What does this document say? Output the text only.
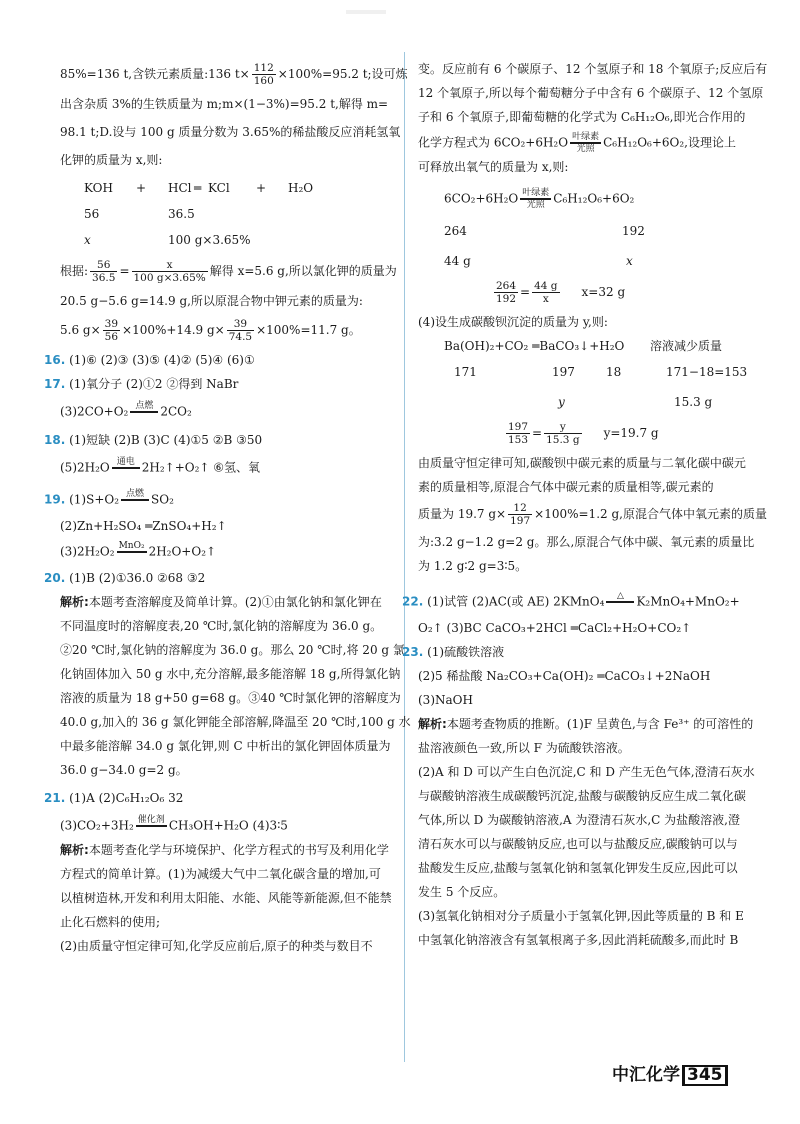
85%=136 t,含铁元素质量:136 $t\times \frac{112}{160} \times 100\%=95.2$ t;设可炼
出含杂质 3%的生铁质量为 m;m×(1−3%)=95.2 t,解得 m=
98.1 t;D.设与 100 g 质量分数为 3.65%的稀盐酸反应消耗氢氧
化钾的质量为 x,则:
KOH + HCl ═ KCl + H₂O
56	36.5
x	100 g×3.65%
根据: $\frac{56}{36.5} = \frac{x}{100 g\times 3.65\%}$ 解得 x=5.6 g,所以氯化钾的质量为
20.5 g−5.6 g=14.9 g,所以原混合物中钾元素的质量为:
5.6 $g\times \frac{39}{56} \times 100\%+14.9$ $g\times \frac{39}{74.5} \times 100\%=11.7$ g。
16. (1)⑥ (2)③ (3)⑤ (4)② (5)④ (6)①
17. (1)氧分子 (2)①2 ②得到 NaBr
(3)2CO+O₂ 点燃 2CO₂
18. (1)短缺 (2)B (3)C (4)①5 ②B ③50
(5)2H₂O 通电 2H₂↑+O₂↑ ⑥氢、氧
19. (1)S+O₂ 点燃 SO₂
(2)Zn+H₂SO₄ ═ZnSO₄+H₂↑
(3)2H₂O₂ MnO₂ 2H₂O+O₂↑
20. (1)B (2)①36.0 ②68 ③2
解析:本题考查溶解度及简单计算。(2)①由氯化钠和氯化钾在
不同温度时的溶解度表,20 ℃时,氯化钠的溶解度为 36.0 g。
②20 ℃时,氯化钠的溶解度为 36.0 g。那么 20 ℃时,将 20 g 氯
化钠固体加入 50 g 水中,充分溶解,最多能溶解 18 g,所得氯化钠
溶液的质量为 18 g+50 g=68 g。③40 ℃时氯化钾的溶解度为
40.0 g,加入的 36 g 氯化钾能全部溶解,降温至 20 ℃时,100 g 水
中最多能溶解 34.0 g 氯化钾,则 C 中析出的氯化钾固体质量为
36.0 g−34.0 g=2 g。
21. (1)A (2)C₆H₁₂O₆ 32
(3)CO₂+3H₂ 催化剂 CH₃OH+H₂O (4)3∶5
解析:本题考查化学与环境保护、化学方程式的书写及利用化学
方程式的简单计算。(1)为减缓大气中二氧化碳含量的增加,可
以植树造林,开发和利用太阳能、水能、风能等新能源,但不能禁
止化石燃料的使用;
(2)由质量守恒定律可知,化学反应前后,原子的种类与数目不
变。反应前有 6 个碳原子、12 个氢原子和 18 个氧原子;反应后有
12 个氧原子,所以每个葡萄糖分子中含有 6 个碳原子、12 个氢原
子和 6 个氧原子,即葡萄糖的化学式为 C₆H₁₂O₆,即光合作用的
化学方程式为 6CO₂+6H₂O 叶绿素
光照 C₆H₁₂O₆+6O₂,设理论上
可释放出氧气的质量为 x,则:
6CO₂+6H₂O 叶绿素
光照 C₆H₁₂O₆+6O₂
264	192
44 g	x
$\frac{264}{192} = \frac{44 g}{x} x=32$ g
(4)设生成碳酸钡沉淀的质量为 y,则:
Ba(OH)₂+CO₂ ═BaCO₃↓+H₂O 溶液减少质量
171	197	18	171−18=153
y	15.3 g
$\frac{197}{153} = \frac{y}{15.3 g} y=19.7$ g
由质量守恒定律可知,碳酸钡中碳元素的质量与二氧化碳中碳元
素的质量相等,原混合气体中碳元素的质量相等,碳元素的
质量为 19.7 $g\times \frac{12}{197} \times 100\%=1.2$ g,原混合气体中氧元素的质量
为:3.2 g−1.2 g=2 g。那么,原混合气体中碳、氧元素的质量比
为 1.2 g∶2 g=3∶5。
22. (1)试管 (2)AC(或 AE) 2KMnO₄	△	K₂MnO₄+MnO₂+
O₂↑ (3)BC CaCO₃+2HCl ═CaCl₂+H₂O+CO₂↑
23. (1)硫酸铁溶液
(2)5 稀盐酸 Na₂CO₃+Ca(OH)₂ ═CaCO₃↓+2NaOH
(3)NaOH
解析:本题考查物质的推断。(1)F 呈黄色,与含 Fe³⁺ 的可溶性的
盐溶液颜色一致,所以 F 为硫酸铁溶液。
(2)A 和 D 可以产生白色沉淀,C 和 D 产生无色气体,澄清石灰水
与碳酸钠溶液生成碳酸钙沉淀,盐酸与碳酸钠反应生成二氧化碳
气体,所以 D 为碳酸钠溶液,A 为澄清石灰水,C 为盐酸溶液,澄
清石灰水可以与碳酸钠反应,也可以与盐酸反应,碳酸钠可以与
盐酸发生反应,盐酸与氢氧化钠和氢氧化钾发生反应,因此可以
发生 5 个反应。
(3)氢氧化钠相对分子质量小于氢氧化钾,因此等质量的 B 和 E
中氢氧化钠溶液含有氢氧根离子多,因此消耗硫酸多,而此时 B
中汇化学 345
